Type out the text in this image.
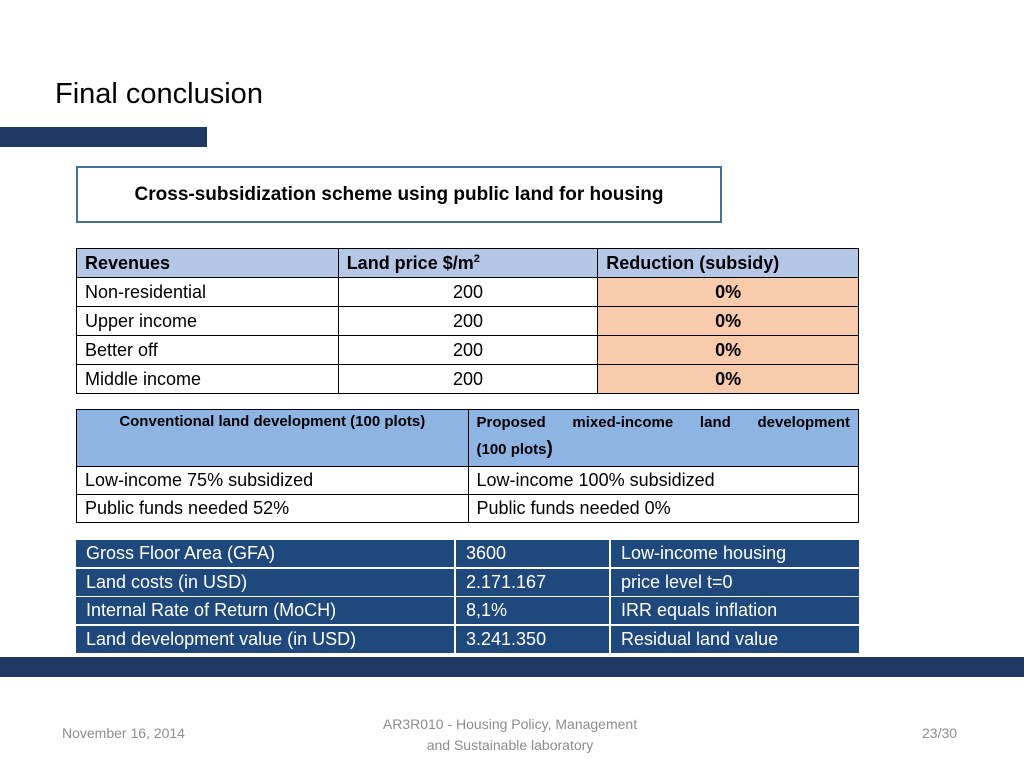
Final conclusion
Cross-subsidization scheme using public land for housing
Revenues	Land price $\$/m^2$	Reduction (subsidy)
Non-residential	200	0%
Upper income	200	0%
Better off	200	0%
Middle income	200	0%
Conventional land development (100 plots)	Proposed mixed-income land development
(100 plots)

Low-income 75% subsidized	Low-income 100% subsidized
Public funds needed 52%	Public funds needed 0%
Gross Floor Area (GFA)	3600	Low-income housing
Land costs (in USD)	2.171.167	price level t=0
Internal Rate of Return (MoCH)	8,1%	IRR equals inflation
Land development value (in USD)	3.241.350	Residual land value
November 16, 2014
AR3R010 - Housing Policy, Management
and Sustainable laboratory
23/30
